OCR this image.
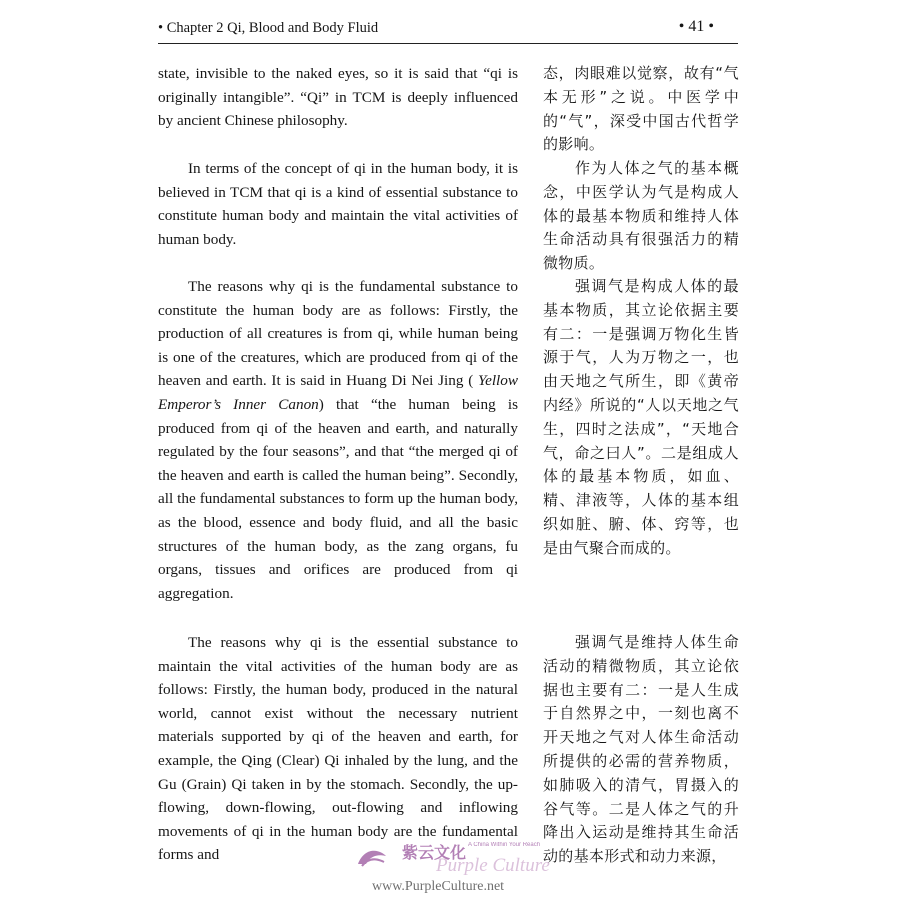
• Chapter 2 Qi, Blood and Body Fluid	• 41 •

state, invisible to the naked eyes, so it is said that “qi is originally intangible”. “Qi” in TCM is deeply influenced by ancient Chinese philosophy.

In terms of the concept of qi in the human body, it is believed in TCM that qi is a kind of essential substance to constitute human body and maintain the vital activities of human body.

The reasons why qi is the fundamental substance to constitute the human body are as follows: Firstly, the production of all creatures is from qi, while human being is one of the creatures, which are produced from qi of the heaven and earth. It is said in Huang Di Nei Jing ( Yellow Emperor’s Inner Canon) that “the human being is produced from qi of the heaven and earth, and naturally regulated by the four seasons”, and that “the merged qi of the heaven and earth is called the human being”. Secondly, all the fundamental substances to form up the human body, as the blood, essence and body fluid, and all the basic structures of the human body, as the zang organs, fu organs, tissues and orifices are produced from qi aggregation.

The reasons why qi is the essential substance to maintain the vital activities of the human body are as follows: Firstly, the human body, produced in the natural world, cannot exist without the necessary nutrient materials supported by qi of the heaven and earth, for example, the Qing (Clear) Qi inhaled by the lung, and the Gu (Grain) Qi taken in by the stomach. Secondly, the up-flowing, down-flowing, out-flowing and inflowing movements of qi in the human body are the fundamental forms and

态，肉眼难以觉察，故有“气本无形”之说。中医学中的“气”，深受中国古代哲学的影响。

作为人体之气的基本概念，中医学认为气是构成人体的最基本物质和维持人体生命活动具有很强活力的精微物质。

强调气是构成人体的最基本物质，其立论依据主要有二：一是强调万物化生皆源于气，人为万物之一，也由天地之气所生，即《黄帝内经》所说的“人以天地之气生，四时之法成”，“天地合气，命之曰人”。二是组成人体的最基本物质，如血、精、津液等，人体的基本组织如脏、腑、体、窍等，也是由气聚合而成的。

强调气是维持人体生命活动的精微物质，其立论依据也主要有二：一是人生成于自然界之中，一刻也离不开天地之气对人体生命活动所提供的必需的营养物质，如肺吸入的清气，胃摄入的谷气等。二是人体之气的升降出入运动是维持其生命活动的基本形式和动力来源，

紫云文化 A China Within Your Reach
Purple Culture
www.PurpleCulture.net
